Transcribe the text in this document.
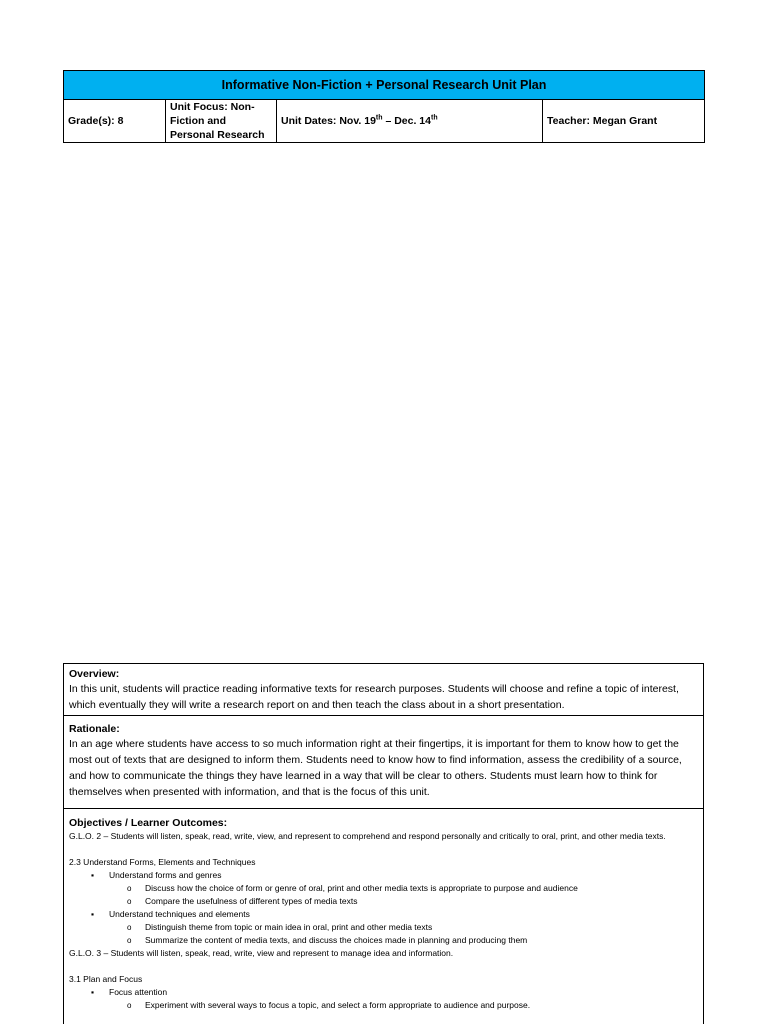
Informative Non-Fiction + Personal Research Unit Plan
Grade(s): 8	Unit Focus: Non-Fiction and Personal Research	Unit Dates: Nov. 19th – Dec. 14th	Teacher: Megan Grant
Overview:
In this unit, students will practice reading informative texts for research purposes. Students will choose and refine a topic of interest, which eventually they will write a research report on and then teach the class about in a short presentation.
Rationale:
In an age where students have access to so much information right at their fingertips, it is important for them to know how to get the
most out of texts that are designed to inform them. Students need to know how to find information, assess the credibility of a source, and how to communicate the things they have learned in a way that will be clear to others. Students must learn how to think for themselves when presented with information, and that is the focus of this unit.
Objectives / Learner Outcomes:
G.L.O. 2 – Students will listen, speak, read, write, view, and represent to comprehend and respond personally and critically to oral, print, and other media texts.
2.3 Understand Forms, Elements and Techniques
▪ Understand forms and genres
o Discuss how the choice of form or genre of oral, print and other media texts is appropriate to purpose and audience
o Compare the usefulness of different types of media texts
▪ Understand techniques and elements
o Distinguish theme from topic or main idea in oral, print and other media texts
o Summarize the content of media texts, and discuss the choices made in planning and producing them
G.L.O. 3 – Students will listen, speak, read, write, view and represent to manage idea and information.
3.1 Plan and Focus
▪ Focus attention
o Experiment with several ways to focus a topic, and select a form appropriate to audience and purpose.
